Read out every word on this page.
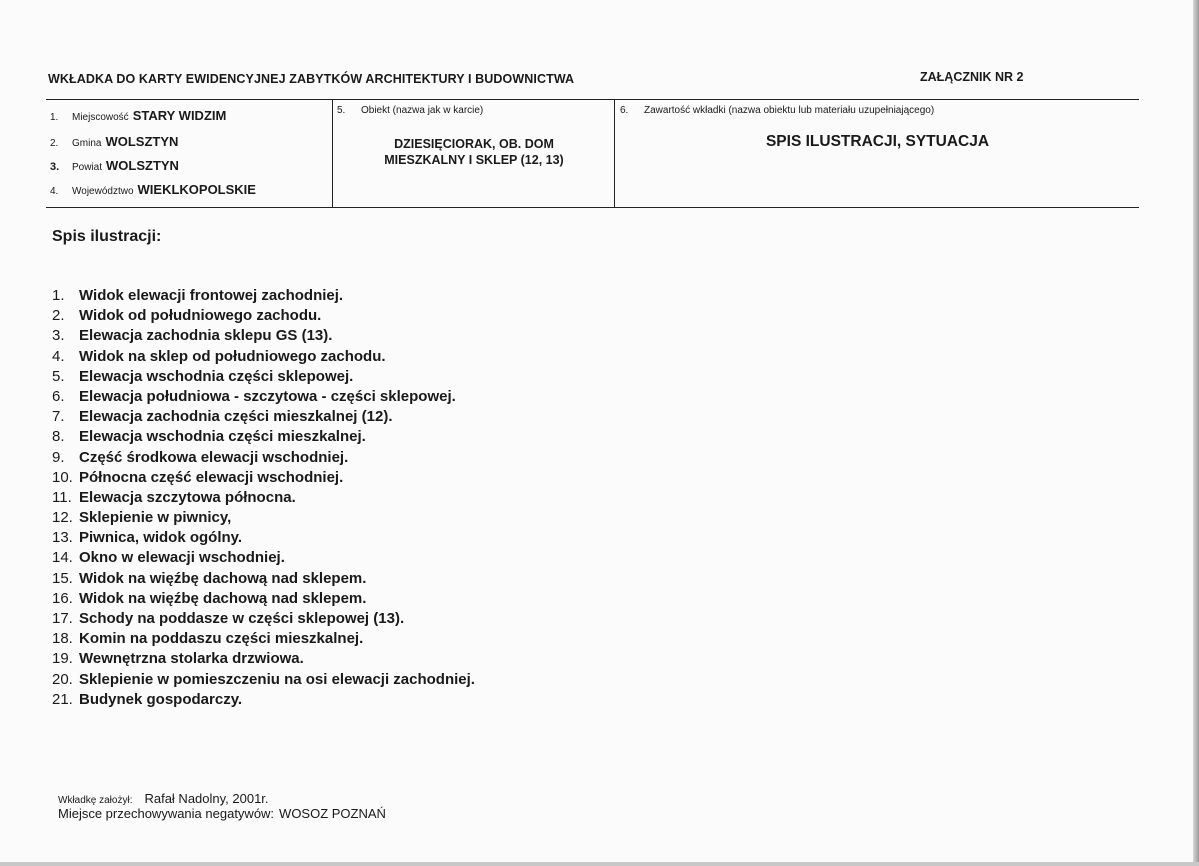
WKŁADKA DO KARTY EWIDENCYJNEJ ZABYTKÓW ARCHITEKTURY I BUDOWNICTWA	ZAŁĄCZNIK NR 2
1.	Miejscowość STARY WIDZIM
2.	Gmina WOLSZTYN
3.	Powiat WOLSZTYN
4.	Województwo WIEKLKOPOLSKIE
5.	Obiekt (nazwa jak w karcie)
DZIESIĘCIORAK, OB. DOM
MIESZKALNY I SKLEP (12, 13)
6.	Zawartość wkładki (nazwa obiektu lub materiału uzupełniającego)
SPIS ILUSTRACJI, SYTUACJA
Spis ilustracji:
1. Widok elewacji frontowej zachodniej.
2. Widok od południowego zachodu.
3. Elewacja zachodnia sklepu GS (13).
4. Widok na sklep od południowego zachodu.
5. Elewacja wschodnia części sklepowej.
6. Elewacja południowa - szczytowa - części sklepowej.
7. Elewacja zachodnia części mieszkalnej (12).
8. Elewacja wschodnia części mieszkalnej.
9. Część środkowa elewacji wschodniej.
10. Północna część elewacji wschodniej.
11. Elewacja szczytowa północna.
12. Sklepienie w piwnicy,
13. Piwnica, widok ogólny.
14. Okno w elewacji wschodniej.
15. Widok na więźbę dachową nad sklepem.
16. Widok na więźbę dachową nad sklepem.
17. Schody na poddasze w części sklepowej (13).
18. Komin na poddaszu części mieszkalnej.
19. Wewnętrzna stolarka drzwiowa.
20. Sklepienie w pomieszczeniu na osi elewacji zachodniej.
21. Budynek gospodarczy.
Wkładkę założył: Rafał Nadolny, 2001r.
Miejsce przechowywania negatywów: WOSOZ POZNAŃ
